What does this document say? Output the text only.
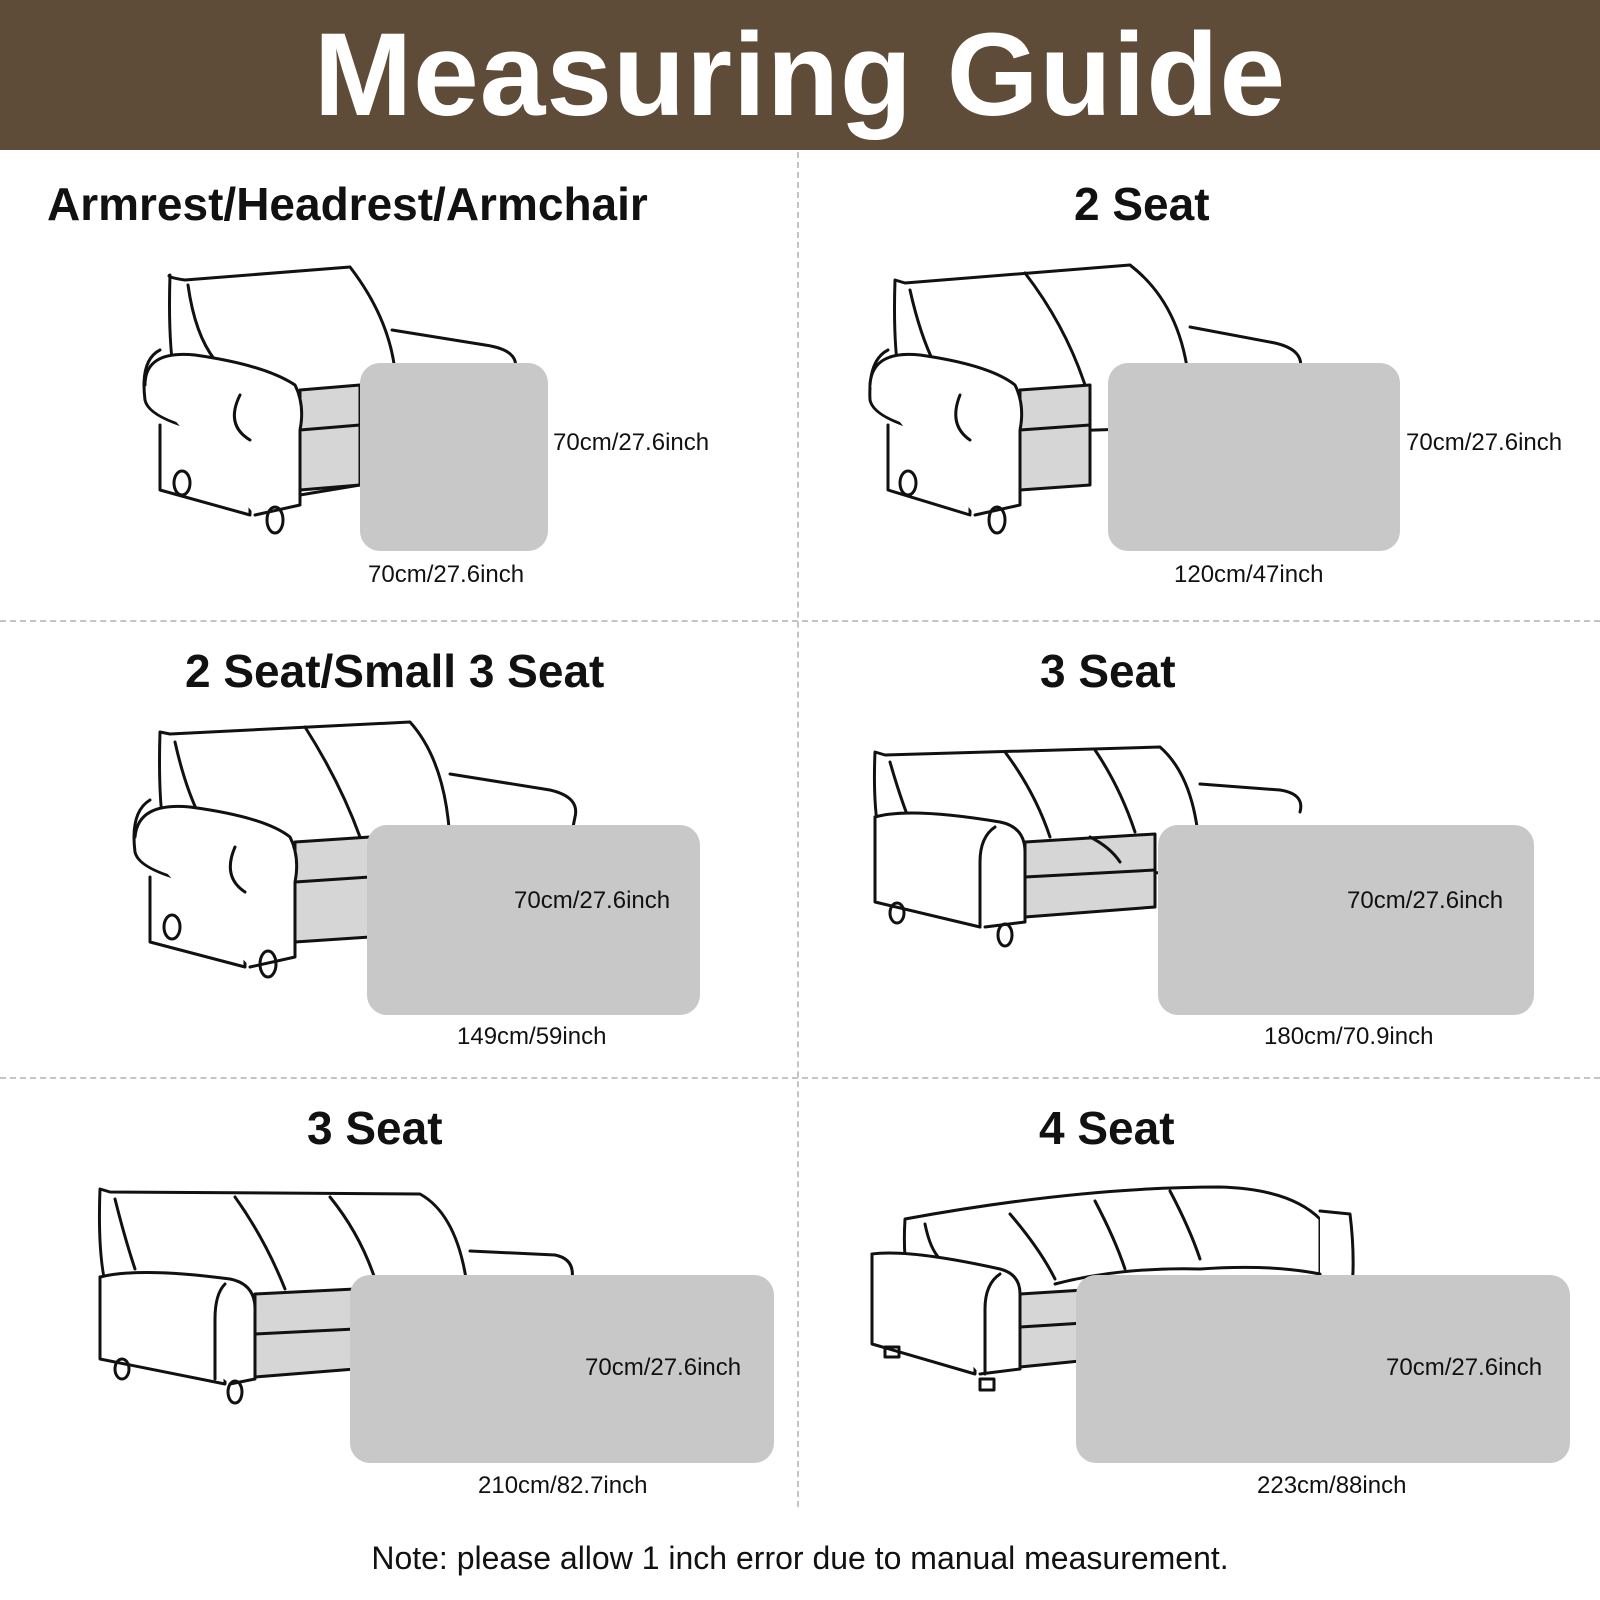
Measuring Guide
Armrest/Headrest/Armchair
70cm/27.6inch
70cm/27.6inch
2 Seat
70cm/27.6inch
120cm/47inch
2 Seat/Small 3 Seat
70cm/27.6inch
149cm/59inch
3 Seat
70cm/27.6inch
180cm/70.9inch
3 Seat
70cm/27.6inch
210cm/82.7inch
4 Seat
70cm/27.6inch
223cm/88inch
Note: please allow 1 inch error due to manual measurement.
